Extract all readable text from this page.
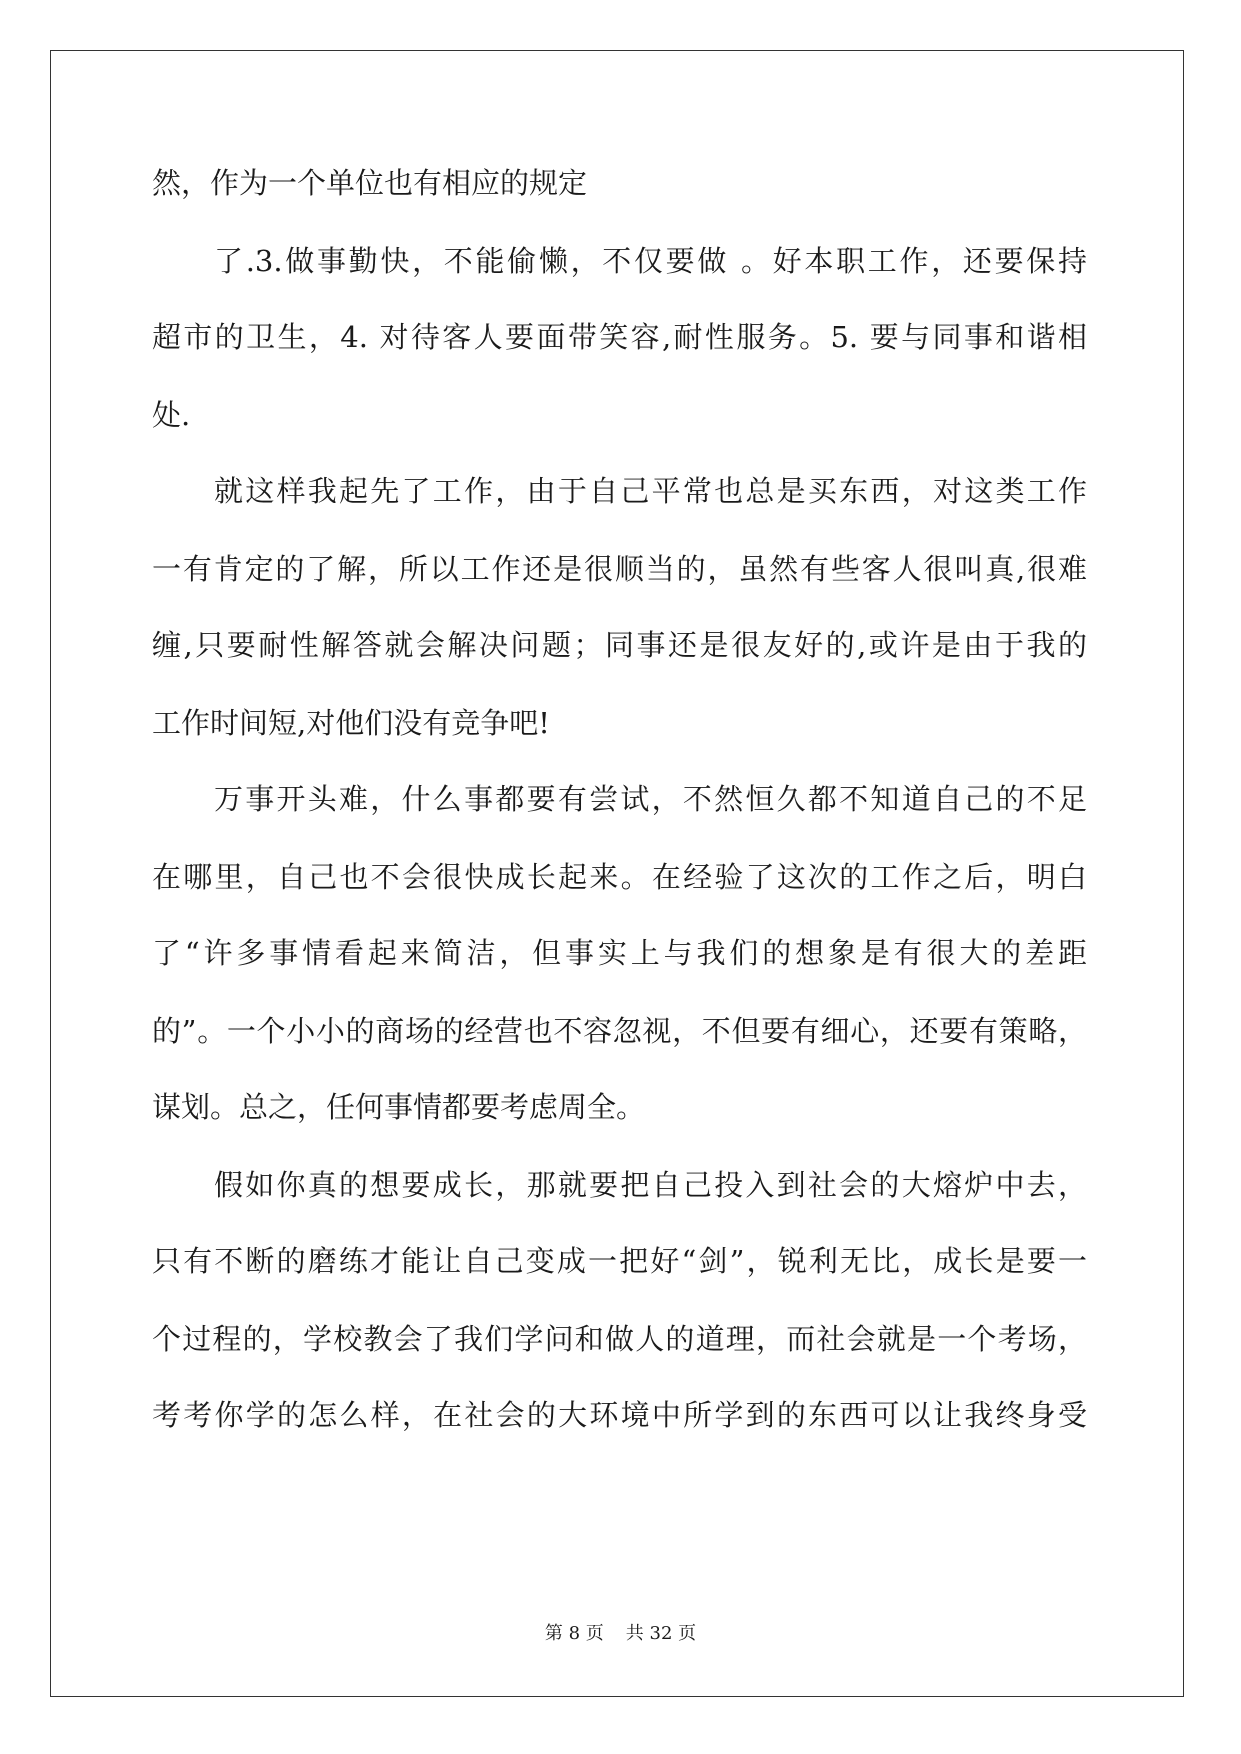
然，作为一个单位也有相应的规定
了.3.做事勤快，不能偷懒，不仅要做 。好本职工作，还要保持
超市的卫生，4. 对待客人要面带笑容,耐性服务。5. 要与同事和谐相
处.
就这样我起先了工作，由于自己平常也总是买东西，对这类工作
一有肯定的了解，所以工作还是很顺当的，虽然有些客人很叫真,很难
缠,只要耐性解答就会解决问题；同事还是很友好的,或许是由于我的
工作时间短,对他们没有竞争吧!
万事开头难，什么事都要有尝试，不然恒久都不知道自己的不足
在哪里，自己也不会很快成长起来。在经验了这次的工作之后，明白
了“许多事情看起来简洁，但事实上与我们的想象是有很大的差距
的”。一个小小的商场的经营也不容忽视，不但要有细心，还要有策略，
谋划。总之，任何事情都要考虑周全。
假如你真的想要成长，那就要把自己投入到社会的大熔炉中去，
只有不断的磨练才能让自己变成一把好“剑”，锐利无比，成长是要一
个过程的，学校教会了我们学问和做人的道理，而社会就是一个考场，
考考你学的怎么样，在社会的大环境中所学到的东西可以让我终身受
第 8 页 共 32 页
